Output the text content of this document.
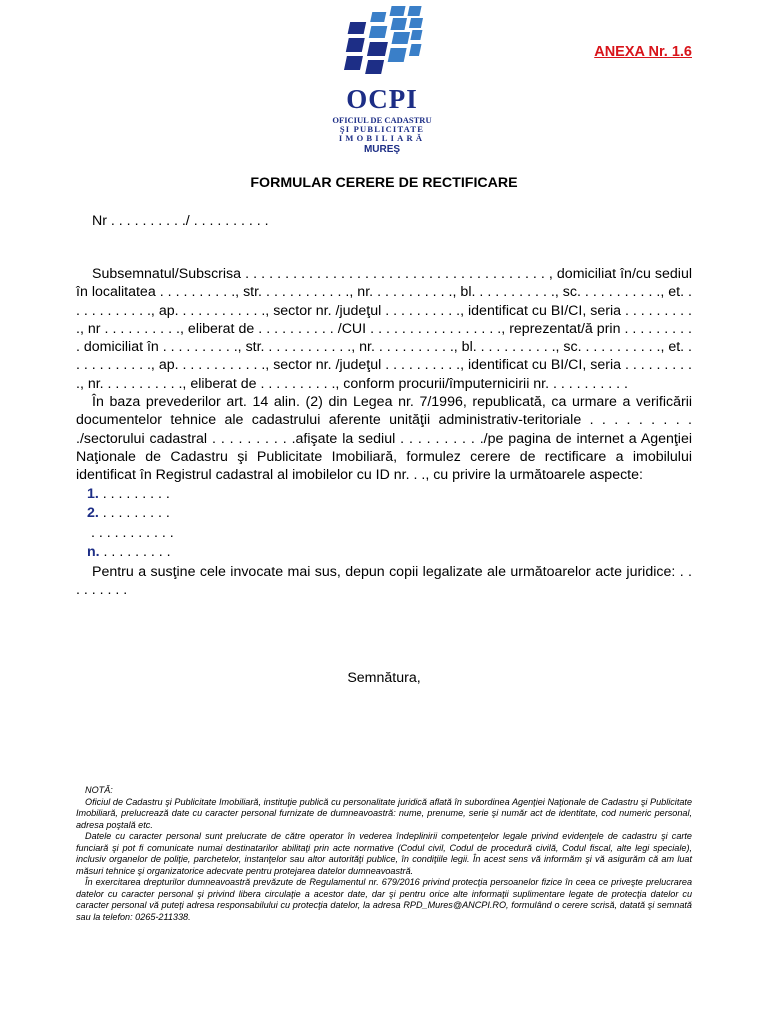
OCPI
OFICIUL DE CADASTRU
ŞI PUBLICITATE
IMOBILIARĂ
MUREŞ
ANEXA Nr. 1.6
FORMULAR CERERE DE RECTIFICARE
Nr . . . . . . . . . ./ . . . . . . . . . .

Subsemnatul/Subscrisa . . . . . . . . . . . . . . . . . . . . . . . . . . . . . . . . . . . . . . , domiciliat în/cu sediul în localitatea . . . . . . . . . ., str. . . . . . . . . . . ., nr. . . . . . . . . . ., bl. . . . . . . . . . ., sc. . . . . . . . . . ., et. . . . . . . . . . . ., ap. . . . . . . . . . . ., sector nr. /judeţul . . . . . . . . . ., identificat cu BI/CI, seria . . . . . . . . . ., nr . . . . . . . . . ., eliberat de . . . . . . . . . . /CUI . . . . . . . . . . . . . . . . ., reprezentat/ă prin . . . . . . . . . . domiciliat în . . . . . . . . . ., str. . . . . . . . . . . ., nr. . . . . . . . . . ., bl. . . . . . . . . . ., sc. . . . . . . . . . ., et. . . . . . . . . . . ., ap. . . . . . . . . . . ., sector nr. /judeţul . . . . . . . . . ., identificat cu BI/CI, seria . . . . . . . . . ., nr. . . . . . . . . . ., eliberat de . . . . . . . . . ., conform procurii/împuternicirii nr. . . . . . . . . . .

În baza prevederilor art. 14 alin. (2) din Legea nr. 7/1996, republicată, ca urmare a verificării documentelor tehnice ale cadastrului aferente unităţii administrativ-teritoriale . . . . . . . . . ./sectorului cadastral . . . . . . . . . .afişate la sediul . . . . . . . . . ./pe pagina de internet a Agenţiei Naţionale de Cadastru şi Publicitate Imobiliară, formulez cerere de rectificare a imobilului identificat în Registrul cadastral al imobilelor cu ID nr. . ., cu privire la următoarele aspecte:

1. . . . . . . . . .
2. . . . . . . . . .
. . . . . . . . . . .
n. . . . . . . . . .

Pentru a susţine cele invocate mai sus, depun copii legalizate ale următoarelor acte juridice: . . . . . . . . .

Semnătura,

NOTĂ:

Oficiul de Cadastru şi Publicitate Imobiliară, instituţie publică cu personalitate juridică aflată în subordinea Agenţiei Naţionale de Cadastru şi Publicitate Imobiliară, prelucrează date cu caracter personal furnizate de dumneavoastră: nume, prenume, serie şi număr act de identitate, cod numeric personal, adresa poştală etc.

Datele cu caracter personal sunt prelucrate de către operator în vederea îndeplinirii competenţelor legale privind evidenţele de cadastru şi carte funciară şi pot fi comunicate numai destinatarilor abilitaţi prin acte normative (Codul civil, Codul de procedură civilă, Codul fiscal, alte legi speciale), inclusiv organelor de poliţie, parchetelor, instanţelor sau altor autorităţi publice, în condiţiile legii. În acest sens vă informăm şi vă asigurăm că am luat măsuri tehnice şi organizatorice adecvate pentru protejarea datelor dumneavoastră.

În exercitarea drepturilor dumneavoastră prevăzute de Regulamentul nr. 679/2016 privind protecţia persoanelor fizice în ceea ce priveşte prelucrarea datelor cu caracter personal şi privind libera circulaţie a acestor date, dar şi pentru orice alte informaţii suplimentare legate de protecţia datelor cu caracter personal vă puteţi adresa responsabilului cu protecţia datelor, la adresa RPD_Mures@ANCPI.RO, formulând o cerere scrisă, datată şi semnată sau la telefon: 0265-211338.
